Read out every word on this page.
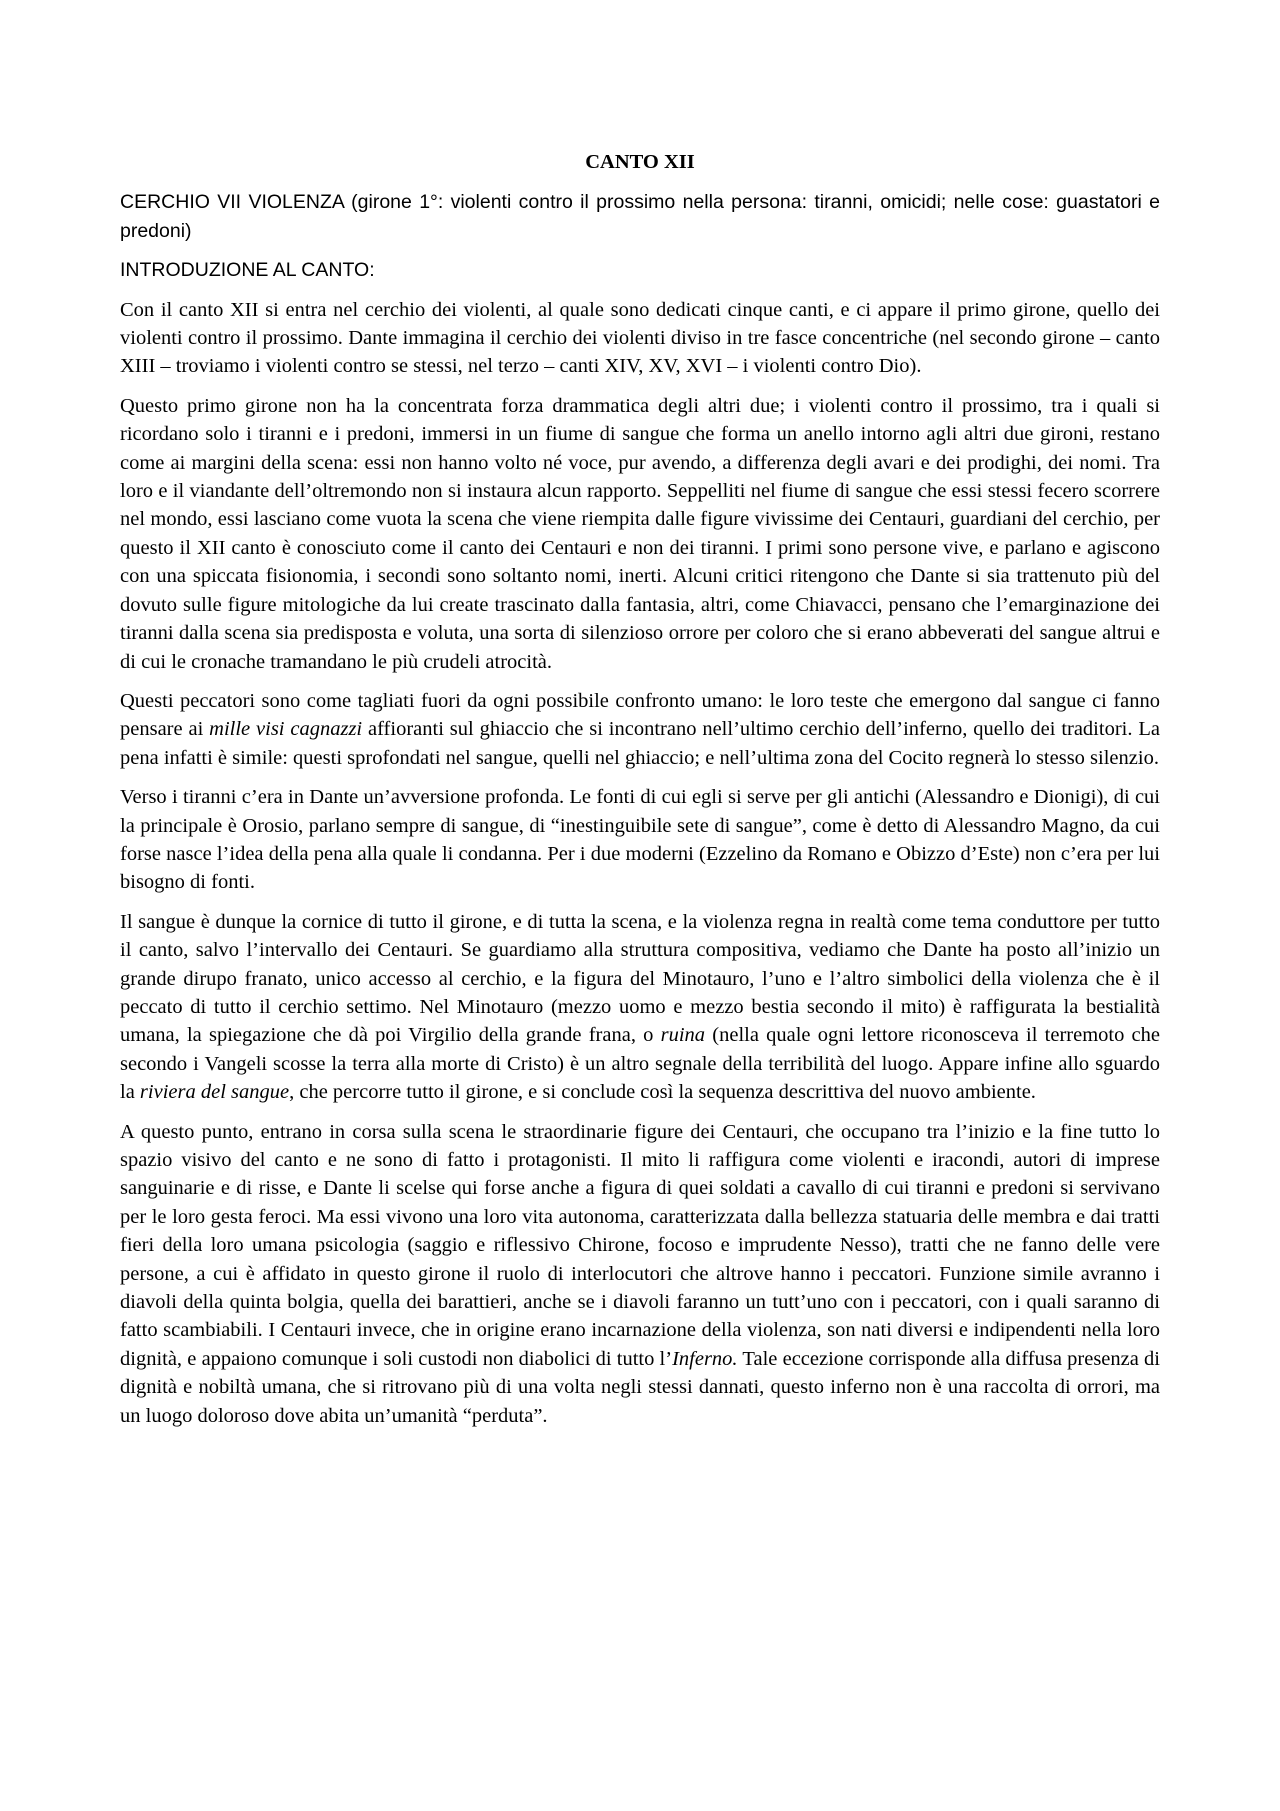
CANTO XII
CERCHIO VII VIOLENZA (girone 1°: violenti contro il prossimo nella persona: tiranni, omicidi; nelle cose: guastatori e predoni)
INTRODUZIONE AL CANTO:

Con il canto XII si entra nel cerchio dei violenti, al quale sono dedicati cinque canti, e ci appare il primo girone, quello dei violenti contro il prossimo. Dante immagina il cerchio dei violenti diviso in tre fasce concentriche (nel secondo girone – canto XIII – troviamo i violenti contro se stessi, nel terzo – canti XIV, XV, XVI – i violenti contro Dio).

Questo primo girone non ha la concentrata forza drammatica degli altri due; i violenti contro il prossimo, tra i quali si ricordano solo i tiranni e i predoni, immersi in un fiume di sangue che forma un anello intorno agli altri due gironi, restano come ai margini della scena: essi non hanno volto né voce, pur avendo, a differenza degli avari e dei prodighi, dei nomi. Tra loro e il viandante dell’oltremondo non si instaura alcun rapporto. Seppelliti nel fiume di sangue che essi stessi fecero scorrere nel mondo, essi lasciano come vuota la scena che viene riempita dalle figure vivissime dei Centauri, guardiani del cerchio, per questo il XII canto è conosciuto come il canto dei Centauri e non dei tiranni. I primi sono persone vive, e parlano e agiscono con una spiccata fisionomia, i secondi sono soltanto nomi, inerti. Alcuni critici ritengono che Dante si sia trattenuto più del dovuto sulle figure mitologiche da lui create trascinato dalla fantasia, altri, come Chiavacci, pensano che l’emarginazione dei tiranni dalla scena sia predisposta e voluta, una sorta di silenzioso orrore per coloro che si erano abbeverati del sangue altrui e di cui le cronache tramandano le più crudeli atrocità.

Questi peccatori sono come tagliati fuori da ogni possibile confronto umano: le loro teste che emergono dal sangue ci fanno pensare ai mille visi cagnazzi affioranti sul ghiaccio che si incontrano nell’ultimo cerchio dell’inferno, quello dei traditori. La pena infatti è simile: questi sprofondati nel sangue, quelli nel ghiaccio; e nell’ultima zona del Cocito regnerà lo stesso silenzio.

Verso i tiranni c’era in Dante un’avversione profonda. Le fonti di cui egli si serve per gli antichi (Alessandro e Dionigi), di cui la principale è Orosio, parlano sempre di sangue, di “inestinguibile sete di sangue”, come è detto di Alessandro Magno, da cui forse nasce l’idea della pena alla quale li condanna. Per i due moderni (Ezzelino da Romano e Obizzo d’Este) non c’era per lui bisogno di fonti.

Il sangue è dunque la cornice di tutto il girone, e di tutta la scena, e la violenza regna in realtà come tema conduttore per tutto il canto, salvo l’intervallo dei Centauri. Se guardiamo alla struttura compositiva, vediamo che Dante ha posto all’inizio un grande dirupo franato, unico accesso al cerchio, e la figura del Minotauro, l’uno e l’altro simbolici della violenza che è il peccato di tutto il cerchio settimo. Nel Minotauro (mezzo uomo e mezzo bestia secondo il mito) è raffigurata la bestialità umana, la spiegazione che dà poi Virgilio della grande frana, o ruina (nella quale ogni lettore riconosceva il terremoto che secondo i Vangeli scosse la terra alla morte di Cristo) è un altro segnale della terribilità del luogo. Appare infine allo sguardo la riviera del sangue, che percorre tutto il girone, e si conclude così la sequenza descrittiva del nuovo ambiente.

A questo punto, entrano in corsa sulla scena le straordinarie figure dei Centauri, che occupano tra l’inizio e la fine tutto lo spazio visivo del canto e ne sono di fatto i protagonisti. Il mito li raffigura come violenti e iracondi, autori di imprese sanguinarie e di risse, e Dante li scelse qui forse anche a figura di quei soldati a cavallo di cui tiranni e predoni si servivano per le loro gesta feroci. Ma essi vivono una loro vita autonoma, caratterizzata dalla bellezza statuaria delle membra e dai tratti fieri della loro umana psicologia (saggio e riflessivo Chirone, focoso e imprudente Nesso), tratti che ne fanno delle vere persone, a cui è affidato in questo girone il ruolo di interlocutori che altrove hanno i peccatori. Funzione simile avranno i diavoli della quinta bolgia, quella dei barattieri, anche se i diavoli faranno un tutt’uno con i peccatori, con i quali saranno di fatto scambiabili. I Centauri invece, che in origine erano incarnazione della violenza, son nati diversi e indipendenti nella loro dignità, e appaiono comunque i soli custodi non diabolici di tutto l’Inferno. Tale eccezione corrisponde alla diffusa presenza di dignità e nobiltà umana, che si ritrovano più di una volta negli stessi dannati, questo inferno non è una raccolta di orrori, ma un luogo doloroso dove abita un’umanità “perduta”.
